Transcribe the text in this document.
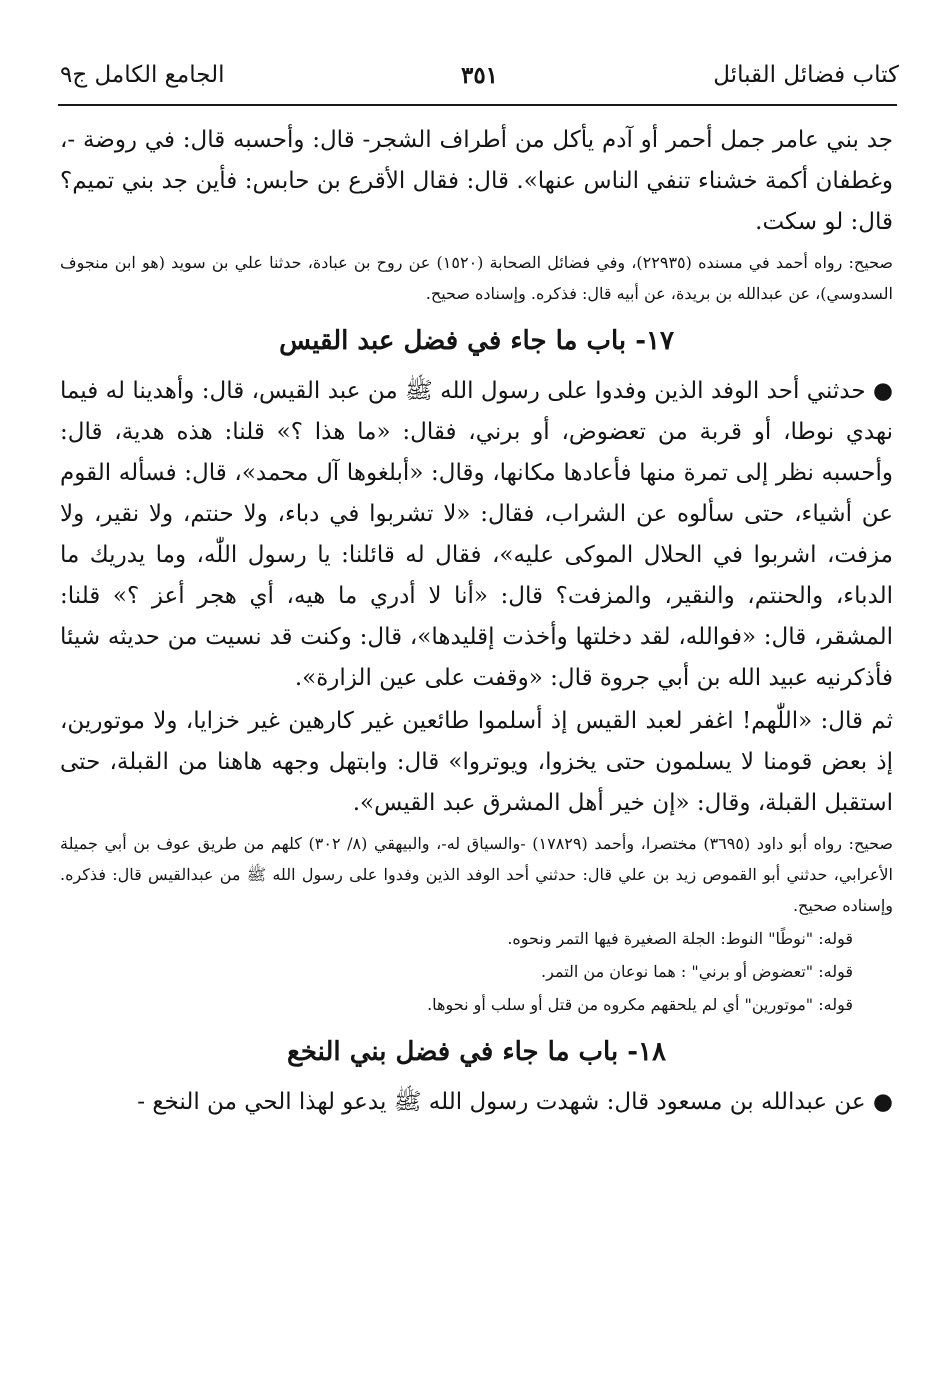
كتاب فضائل القبائل
٣٥١
الجامع الكامل ج٩

جد بني عامر جمل أحمر أو آدم يأكل من أطراف الشجر- قال: وأحسبه قال: في روضة -، وغطفان أكمة خشناء تنفي الناس عنها». قال: فقال الأقرع بن حابس: فأين جد بني تميم؟ قال: لو سكت.

صحيح: رواه أحمد في مسنده (٢٢٩٣٥)، وفي فضائل الصحابة (١٥٢٠) عن روح بن عبادة، حدثنا علي بن سويد (هو ابن منجوف السدوسي)، عن عبدالله بن بريدة، عن أبيه قال: فذكره. وإسناده صحيح.

١٧- باب ما جاء في فضل عبد القيس

● حدثني أحد الوفد الذين وفدوا على رسول الله ﷺ من عبد القيس، قال: وأهدينا له فيما نهدي نوطا، أو قربة من تعضوض، أو برني، فقال: «ما هذا ؟» قلنا: هذه هدية، قال: وأحسبه نظر إلى تمرة منها فأعادها مكانها، وقال: «أبلغوها آل محمد»، قال: فسأله القوم عن أشياء، حتى سألوه عن الشراب، فقال: «لا تشربوا في دباء، ولا حنتم، ولا نقير، ولا مزفت، اشربوا في الحلال الموكى عليه»، فقال له قائلنا: يا رسول اللّٰه، وما يدريك ما الدباء، والحنتم، والنقير، والمزفت؟ قال: «أنا لا أدري ما هيه، أي هجر أعز ؟» قلنا: المشقر، قال: «فوالله، لقد دخلتها وأخذت إقليدها»، قال: وكنت قد نسيت من حديثه شيئا فأذكرنيه عبيد الله بن أبي جروة قال: «وقفت على عين الزارة».

ثم قال: «اللّٰهم! اغفر لعبد القيس إذ أسلموا طائعين غير كارهين غير خزايا، ولا موتورين، إذ بعض قومنا لا يسلمون حتى يخزوا، ويوتروا» قال: وابتهل وجهه هاهنا من القبلة، حتى استقبل القبلة، وقال: «إن خير أهل المشرق عبد القيس».

صحيح: رواه أبو داود (٣٦٩٥) مختصرا، وأحمد (١٧٨٢٩) -والسياق له-، والبيهقي (٨/ ٣٠٢) كلهم من طريق عوف بن أبي جميلة الأعرابي، حدثني أبو القموص زيد بن علي قال: حدثني أحد الوفد الذين وفدوا على رسول الله ﷺ من عبدالقيس قال: فذكره. وإسناده صحيح.

قوله: "نوطًا" النوط: الجلة الصغيرة فيها التمر ونحوه.

قوله: "تعضوض أو برني" : هما نوعان من التمر.

قوله: "موتورين" أي لم يلحقهم مكروه من قتل أو سلب أو نحوها.

١٨- باب ما جاء في فضل بني النخع

● عن عبدالله بن مسعود قال: شهدت رسول الله ﷺ يدعو لهذا الحي من النخع -
